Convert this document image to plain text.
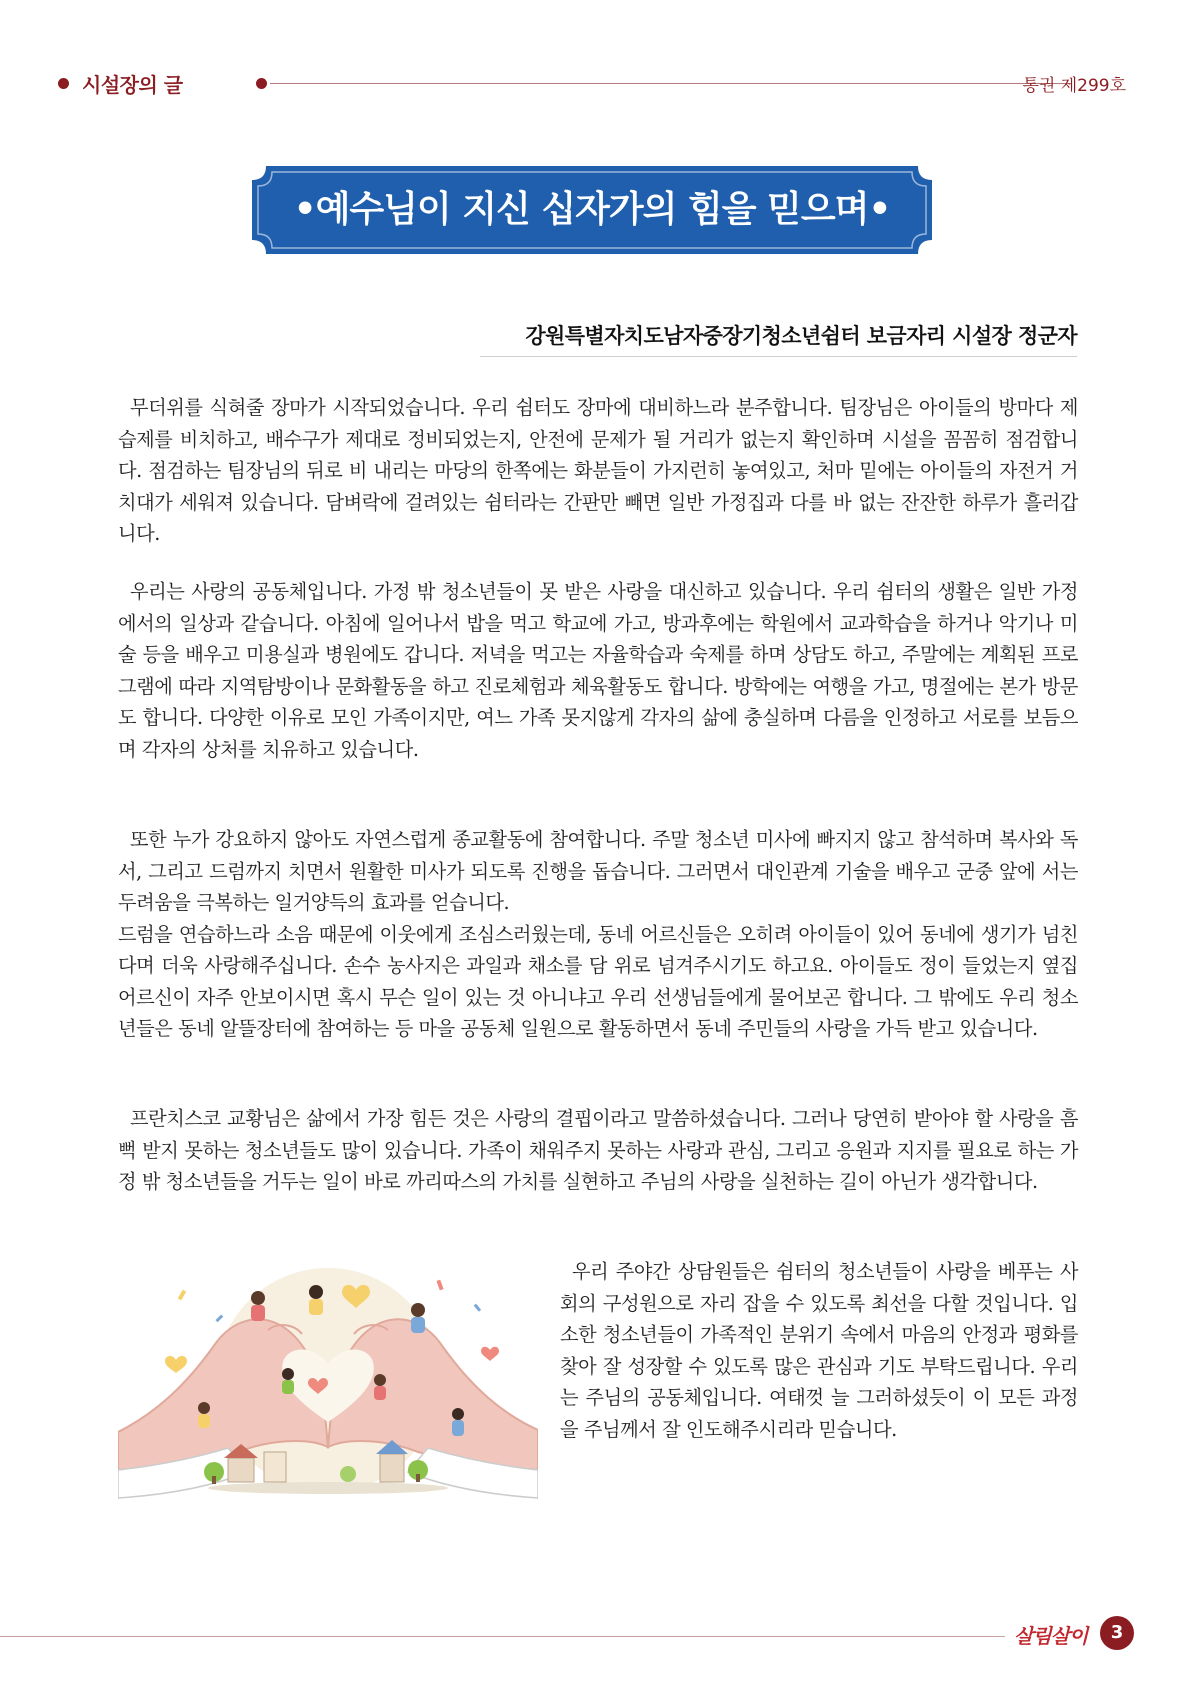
시설장의 글	통권 제299호
•예수님이 지신 십자가의 힘을 믿으며•
강원특별자치도남자중장기청소년쉼터 보금자리 시설장 정군자

무더위를 식혀줄 장마가 시작되었습니다. 우리 쉼터도 장마에 대비하느라 분주합니다. 팀장님은 아이들의 방마다 제습제를 비치하고, 배수구가 제대로 정비되었는지, 안전에 문제가 될 거리가 없는지 확인하며 시설을 꼼꼼히 점검합니다. 점검하는 팀장님의 뒤로 비 내리는 마당의 한쪽에는 화분들이 가지런히 놓여있고, 처마 밑에는 아이들의 자전거 거치대가 세워져 있습니다. 담벼락에 걸려있는 쉼터라는 간판만 빼면 일반 가정집과 다를 바 없는 잔잔한 하루가 흘러갑니다.

우리는 사랑의 공동체입니다. 가정 밖 청소년들이 못 받은 사랑을 대신하고 있습니다. 우리 쉼터의 생활은 일반 가정에서의 일상과 같습니다. 아침에 일어나서 밥을 먹고 학교에 가고, 방과후에는 학원에서 교과학습을 하거나 악기나 미술 등을 배우고 미용실과 병원에도 갑니다. 저녁을 먹고는 자율학습과 숙제를 하며 상담도 하고, 주말에는 계획된 프로그램에 따라 지역탐방이나 문화활동을 하고 진로체험과 체육활동도 합니다. 방학에는 여행을 가고, 명절에는 본가 방문도 합니다. 다양한 이유로 모인 가족이지만, 여느 가족 못지않게 각자의 삶에 충실하며 다름을 인정하고 서로를 보듬으며 각자의 상처를 치유하고 있습니다.

또한 누가 강요하지 않아도 자연스럽게 종교활동에 참여합니다. 주말 청소년 미사에 빠지지 않고 참석하며 복사와 독서, 그리고 드럼까지 치면서 원활한 미사가 되도록 진행을 돕습니다. 그러면서 대인관계 기술을 배우고 군중 앞에 서는 두려움을 극복하는 일거양득의 효과를 얻습니다.

드럼을 연습하느라 소음 때문에 이웃에게 조심스러웠는데, 동네 어르신들은 오히려 아이들이 있어 동네에 생기가 넘친다며 더욱 사랑해주십니다. 손수 농사지은 과일과 채소를 담 위로 넘겨주시기도 하고요. 아이들도 정이 들었는지 옆집 어르신이 자주 안보이시면 혹시 무슨 일이 있는 것 아니냐고 우리 선생님들에게 물어보곤 합니다. 그 밖에도 우리 청소년들은 동네 알뜰장터에 참여하는 등 마을 공동체 일원으로 활동하면서 동네 주민들의 사랑을 가득 받고 있습니다.

프란치스코 교황님은 삶에서 가장 힘든 것은 사랑의 결핍이라고 말씀하셨습니다. 그러나 당연히 받아야 할 사랑을 흠뻑 받지 못하는 청소년들도 많이 있습니다. 가족이 채워주지 못하는 사랑과 관심, 그리고 응원과 지지를 필요로 하는 가정 밖 청소년들을 거두는 일이 바로 까리따스의 가치를 실현하고 주님의 사랑을 실천하는 길이 아닌가 생각합니다.

우리 주야간 상담원들은 쉼터의 청소년들이 사랑을 베푸는 사회의 구성원으로 자리 잡을 수 있도록 최선을 다할 것입니다. 입소한 청소년들이 가족적인 분위기 속에서 마음의 안정과 평화를 찾아 잘 성장할 수 있도록 많은 관심과 기도 부탁드립니다. 우리는 주님의 공동체입니다. 여태껏 늘 그러하셨듯이 이 모든 과정을 주님께서 잘 인도해주시리라 믿습니다.

살림살이	3
